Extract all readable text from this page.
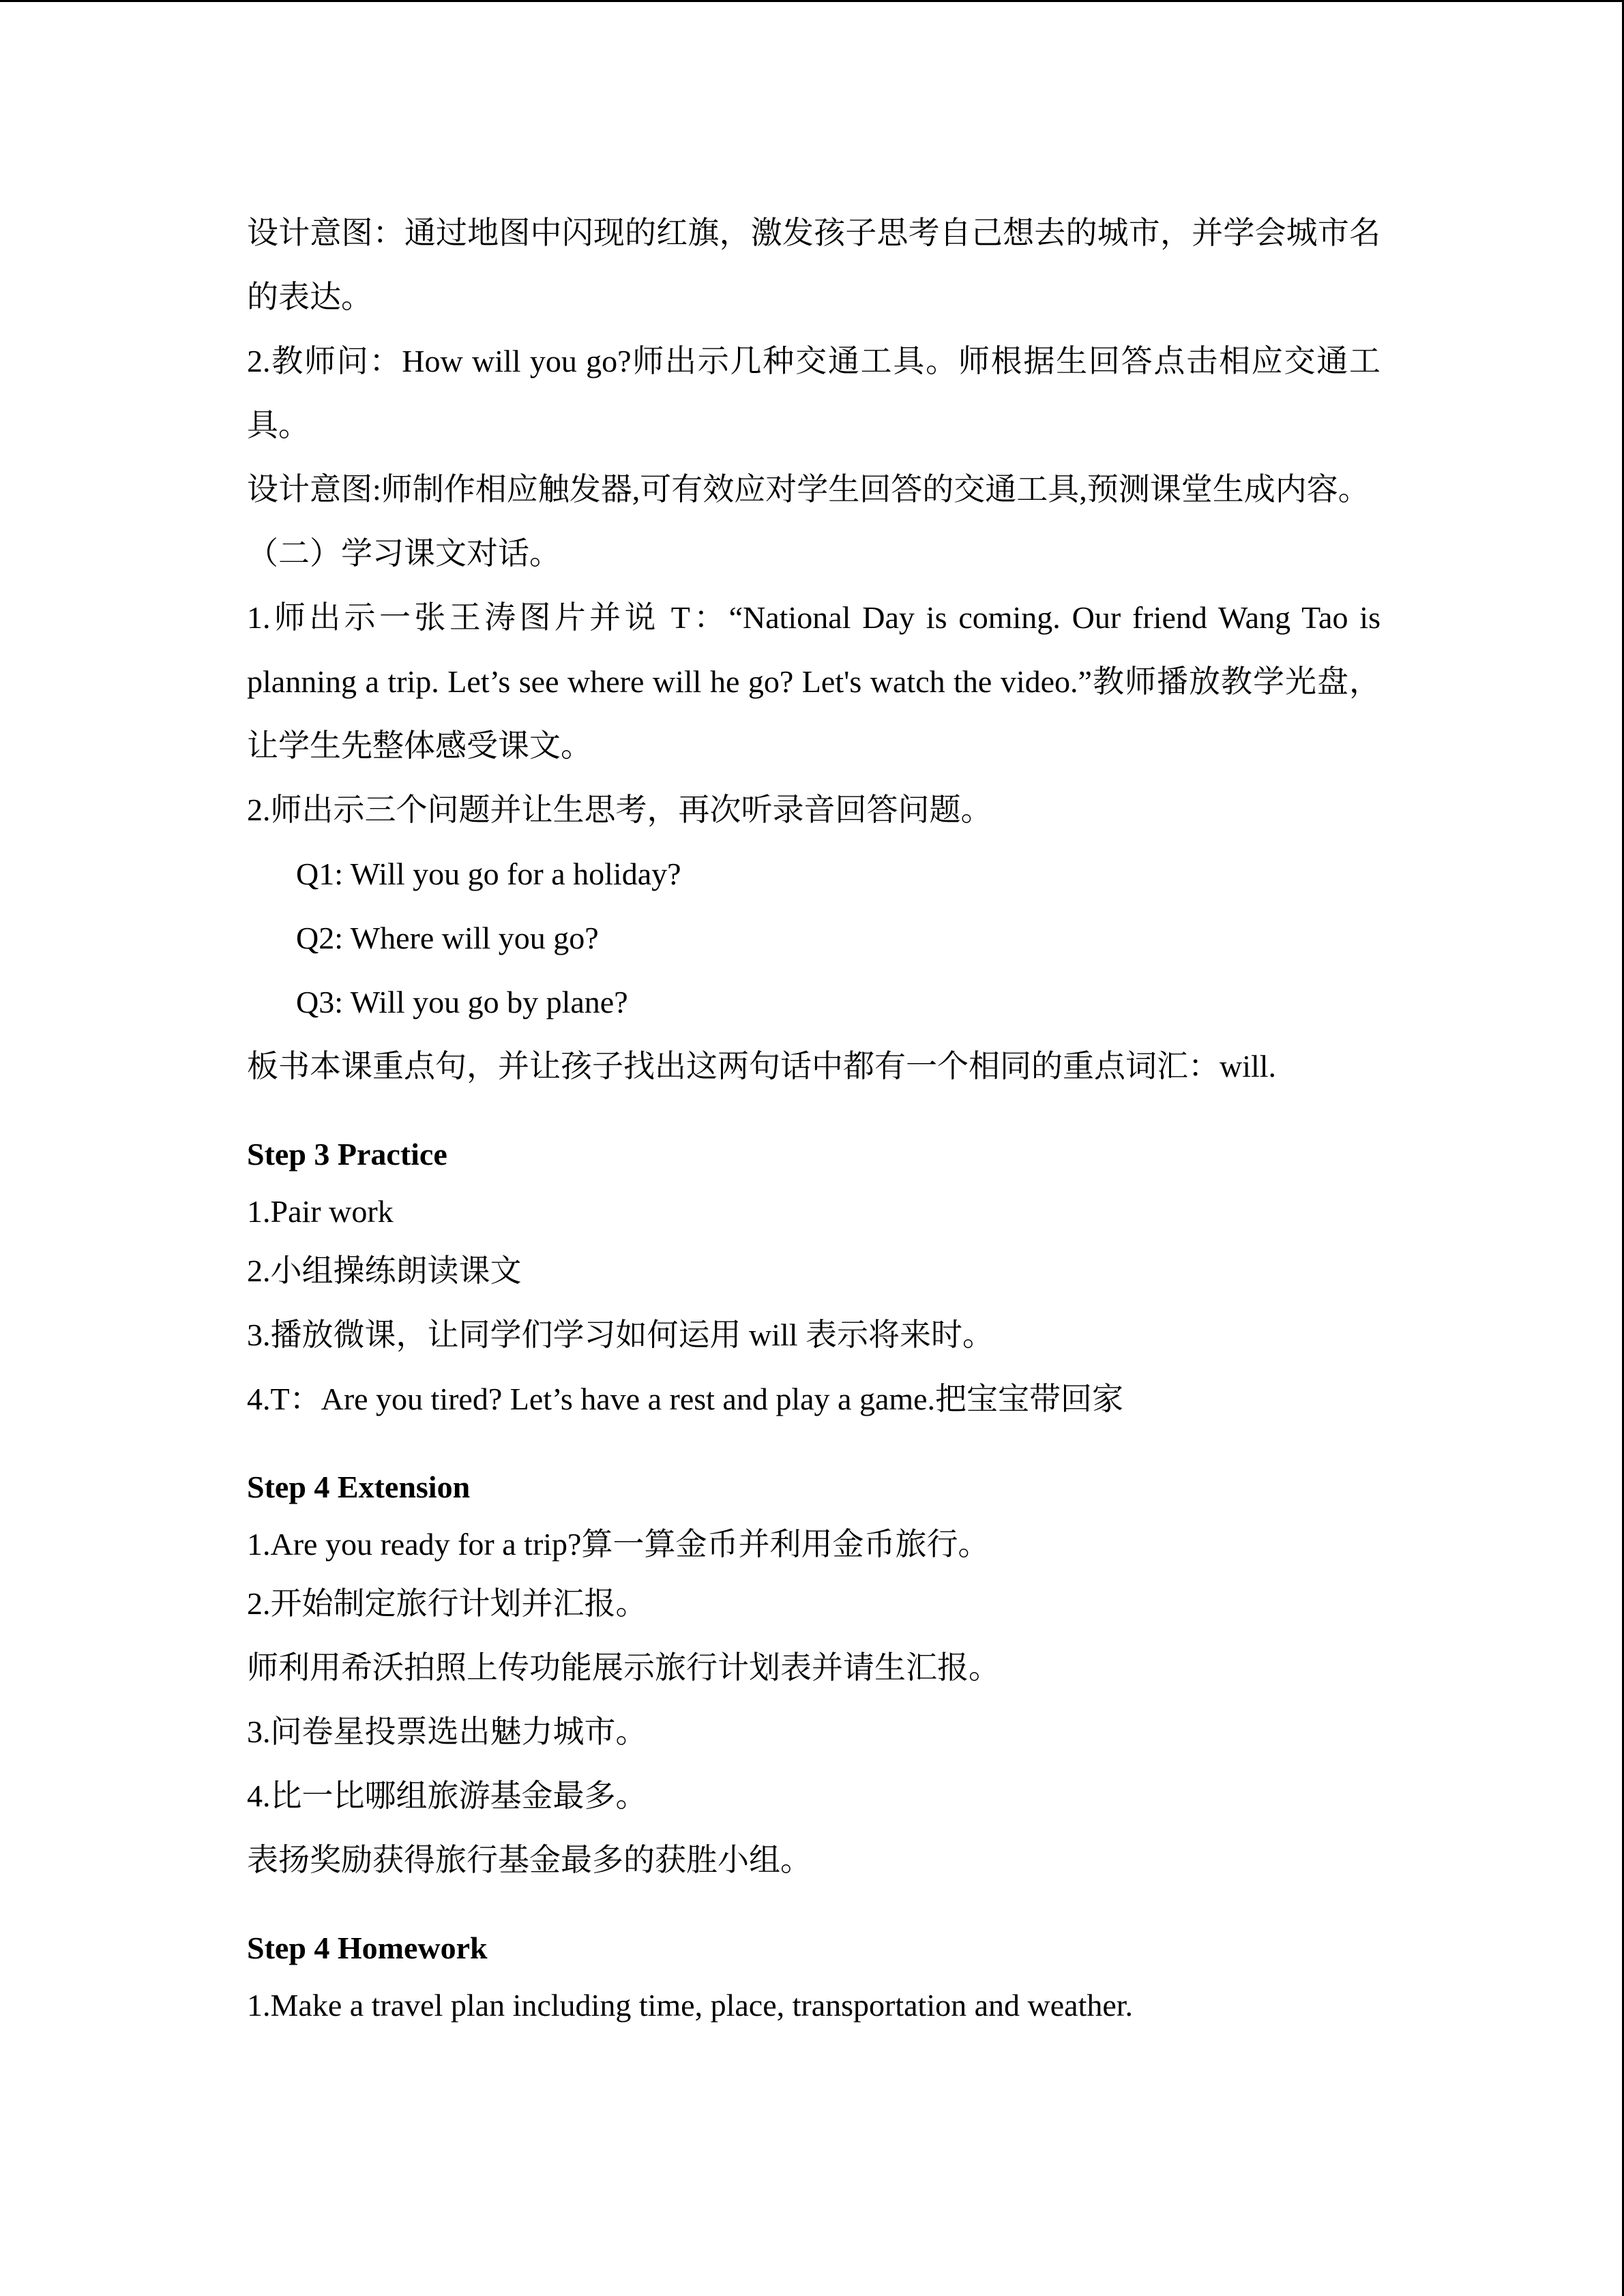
设计意图：通过地图中闪现的红旗，激发孩子思考自己想去的城市，并学会城市名的表达。

2.教师问：How will you go?师出示几种交通工具。师根据生回答点击相应交通工具。

设计意图:师制作相应触发器,可有效应对学生回答的交通工具,预测课堂生成内容。

（二）学习课文对话。

1.师出示一张王涛图片并说 T：“National Day is coming. Our friend Wang Tao is planning a trip. Let’s see where will he go? Let's watch the video.”教师播放教学光盘，让学生先整体感受课文。

2.师出示三个问题并让生思考，再次听录音回答问题。

Q1: Will you go for a holiday?

Q2: Where will you go?

Q3: Will you go by plane?

板书本课重点句，并让孩子找出这两句话中都有一个相同的重点词汇：will.

Step 3 Practice

1.Pair work

2.小组操练朗读课文

3.播放微课，让同学们学习如何运用 will 表示将来时。

4.T：Are you tired? Let’s have a rest and play a game.把宝宝带回家

Step 4 Extension

1.Are you ready for a trip?算一算金币并利用金币旅行。

2.开始制定旅行计划并汇报。

师利用希沃拍照上传功能展示旅行计划表并请生汇报。

3.问卷星投票选出魅力城市。

4.比一比哪组旅游基金最多。

表扬奖励获得旅行基金最多的获胜小组。

Step 4 Homework

1.Make a travel plan including time, place, transportation and weather.
